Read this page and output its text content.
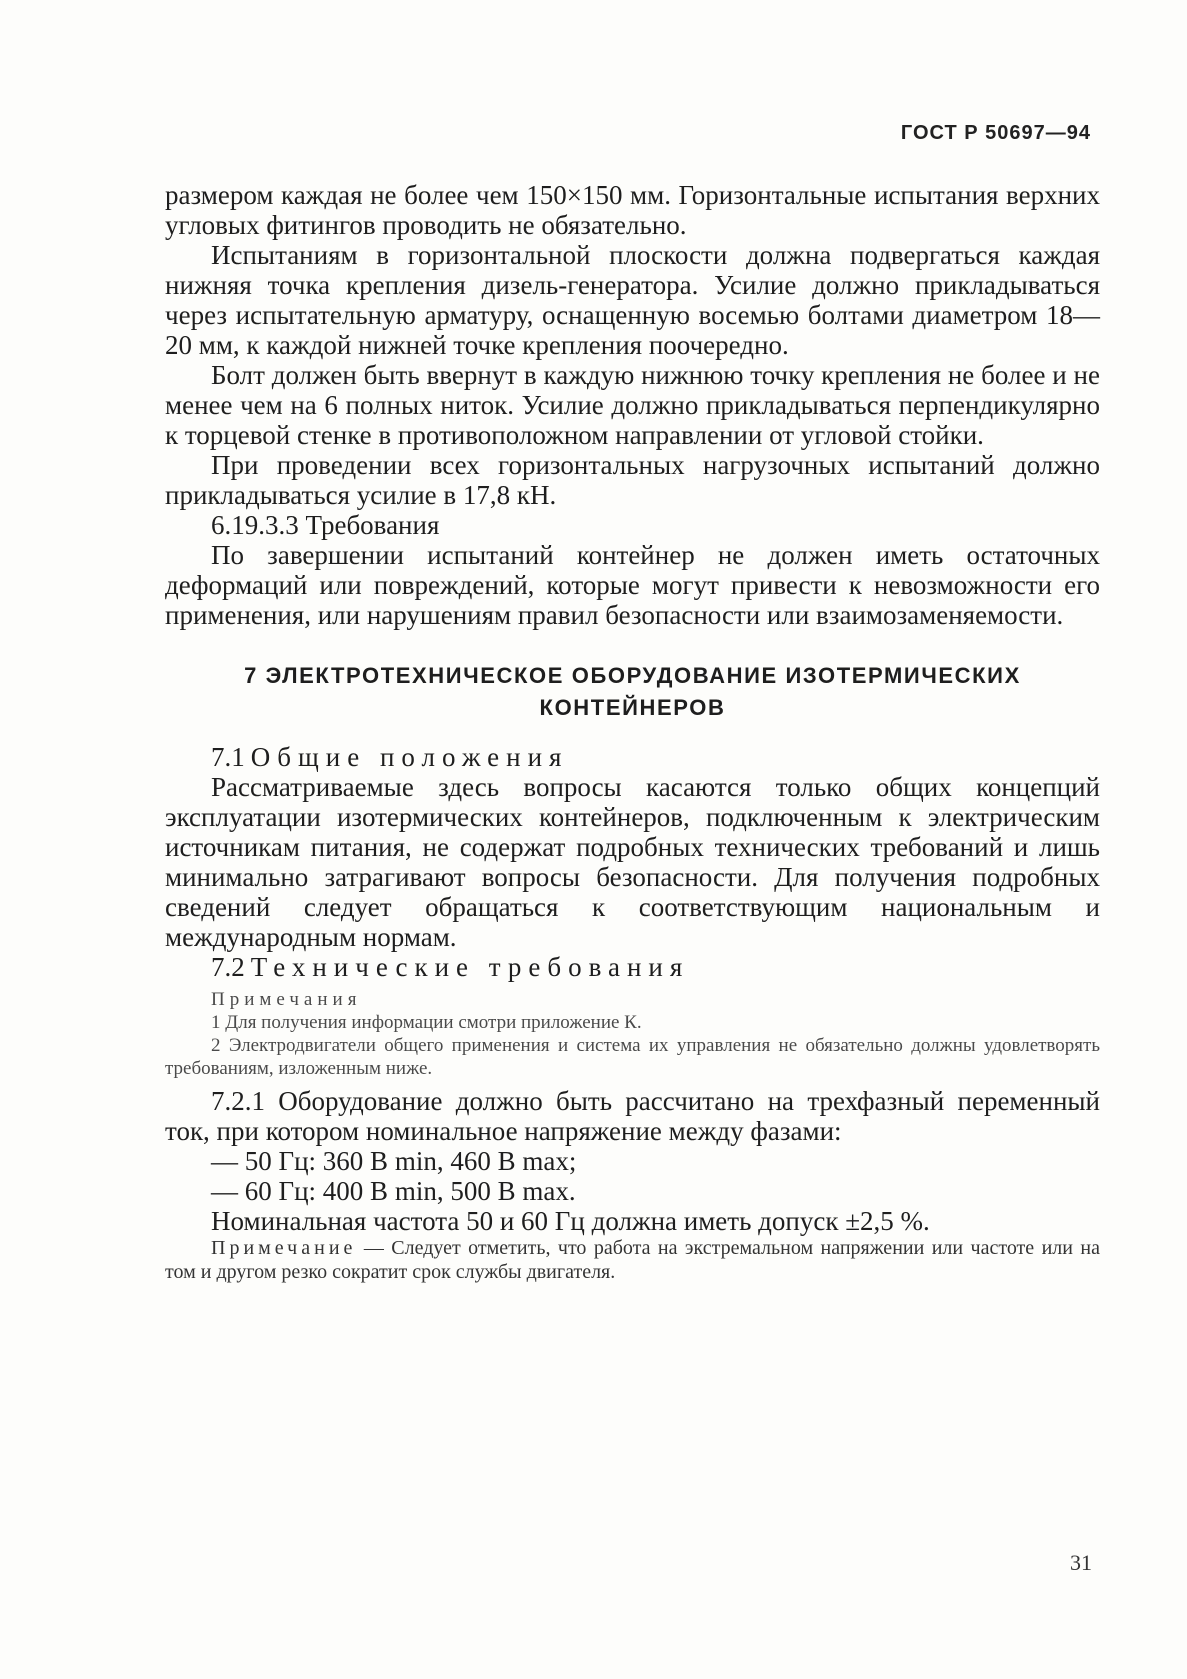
ГОСТ Р 50697—94

размером каждая не более чем 150×150 мм. Горизонтальные испытания верхних угловых фитингов проводить не обязательно.

Испытаниям в горизонтальной плоскости должна подвергаться каждая нижняя точка крепления дизель-генератора. Усилие должно прикладываться через испытательную арматуру, оснащенную восемью болтами диаметром 18—20 мм, к каждой нижней точке крепления поочередно.

Болт должен быть ввернут в каждую нижнюю точку крепления не более и не менее чем на 6 полных ниток. Усилие должно прикладываться перпендикулярно к торцевой стенке в противоположном направлении от угловой стойки.

При проведении всех горизонтальных нагрузочных испытаний должно прикладываться усилие в 17,8 кН.

6.19.3.3 Требования

По завершении испытаний контейнер не должен иметь остаточных деформаций или повреждений, которые могут привести к невозможности его применения, или нарушениям правил безопасности или взаимозаменяемости.

7 ЭЛЕКТРОТЕХНИЧЕСКОЕ ОБОРУДОВАНИЕ ИЗОТЕРМИЧЕСКИХ
КОНТЕЙНЕРОВ

7.1 Общие положения

Рассматриваемые здесь вопросы касаются только общих концепций эксплуатации изотермических контейнеров, подключенным к электрическим источникам питания, не содержат подробных технических требований и лишь минимально затрагивают вопросы безопасности. Для получения подробных сведений следует обращаться к соответствующим национальным и международным нормам.

7.2 Технические требования

Примечания
1 Для получения информации смотри приложение К.
2 Электродвигатели общего применения и система их управления не обязательно должны удовлетворять требованиям, изложенным ниже.

7.2.1 Оборудование должно быть рассчитано на трехфазный переменный ток, при котором номинальное напряжение между фазами:

— 50 Гц: 360 В min, 460 В max;

— 60 Гц: 400 В min, 500 В max.

Номинальная частота 50 и 60 Гц должна иметь допуск ±2,5 %.

Примечание — Следует отметить, что работа на экстремальном напряжении или частоте или на том и другом резко сократит срок службы двигателя.

31
